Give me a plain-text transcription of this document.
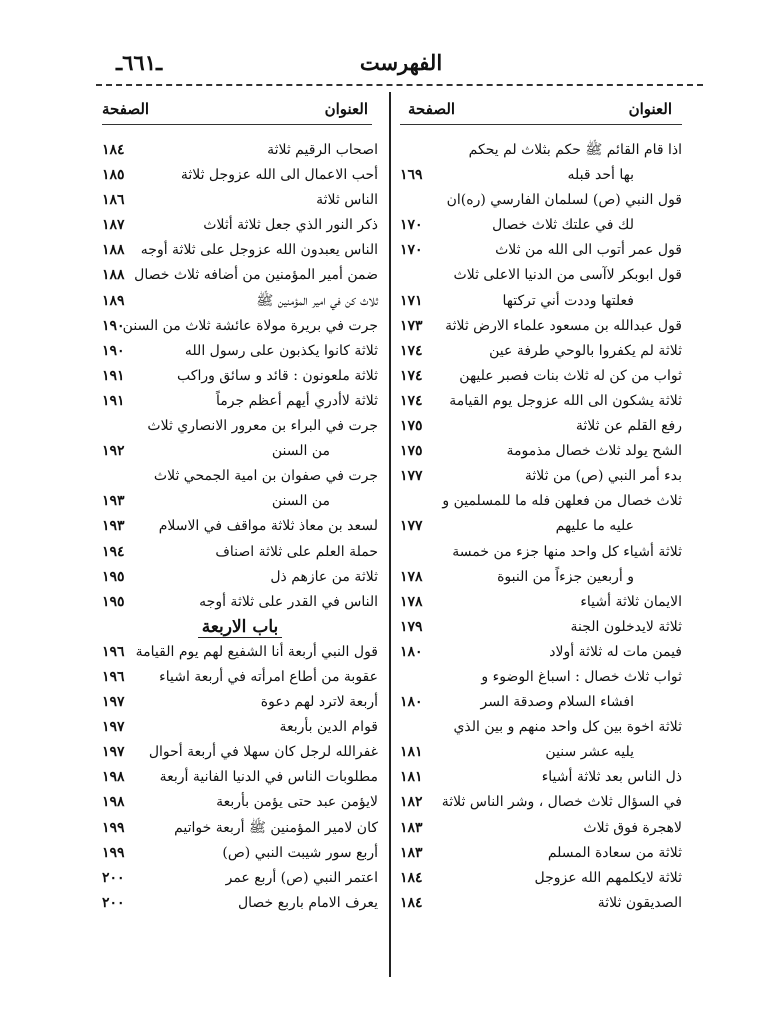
ـ٦٦١ـ	الفهرست
العنوان
الصفحة
العنوان
الصفحة
اذا قام القائم ﷺ حكم بثلاث لم يحكم
بها أحد قبله
١٦٩
قول النبي (ص) لسلمان الفارسي (ره)ان
لك في علتك ثلاث خصال
١٧٠
قول عمر أتوب الى الله من ثلاث
١٧٠
قول ابوبكر لاآسى من الدنيا الاعلى ثلاث
فعلتها وددت أني تركتها
١٧١
قول عبدالله بن مسعود علماء الارض ثلاثة
١٧٣
ثلاثة لم يكفروا بالوحي طرفة عين
١٧٤
ثواب من كن له ثلاث بنات فصبر عليهن
١٧٤
ثلاثة يشكون الى الله عزوجل يوم القيامة
١٧٤
رفع القلم عن ثلاثة
١٧٥
الشح يولد ثلاث خصال مذمومة
١٧٥
بدء أمر النبي (ص) من ثلاثة
١٧٧
ثلاث خصال من فعلهن فله ما للمسلمين و
عليه ما عليهم
١٧٧
ثلاثة أشياء كل واحد منها جزء من خمسة
و أربعين جزءاً من النبوة
١٧٨
الايمان ثلاثة أشياء
١٧٨
ثلاثة لايدخلون الجنة
١٧٩
فيمن مات له ثلاثة أولاد
١٨٠
ثواب ثلاث خصال : اسباغ الوضوء و
افشاء السلام وصدقة السر
١٨٠
ثلاثة اخوة بين كل واحد منهم و بين الذي
يليه عشر سنين
١٨١
ذل الناس بعد ثلاثة أشياء
١٨١
في السؤال ثلاث خصال ، وشر الناس ثلاثة
١٨٢
لاهجرة فوق ثلاث
١٨٣
ثلاثة من سعادة المسلم
١٨٣
ثلاثة لايكلمهم الله عزوجل
١٨٤
الصديقون ثلاثة
١٨٤
اصحاب الرقيم ثلاثة
١٨٤
أحب الاعمال الى الله عزوجل ثلاثة
١٨٥
الناس ثلاثة
١٨٦
ذكر النور الذي جعل ثلاثة أثلاث
١٨٧
الناس يعبدون الله عزوجل على ثلاثة أوجه
١٨٨
ضمن أمير المؤمنين من أضافه ثلاث خصال
١٨٨
ثلاث كن في امير المؤمنين ﷺ
١٨٩
جرت في بريرة مولاة عائشة ثلاث من السنن
١٩٠
ثلاثة كانوا يكذبون على رسول الله
١٩٠
ثلاثة ملعونون : قائد و سائق وراكب
١٩١
ثلاثة لاأدري أيهم أعظم جرماً
١٩١
جرت في البراء بن معرور الانصاري ثلاث
من السنن
١٩٢
جرت في صفوان بن امية الجمحي ثلاث
من السنن
١٩٣
لسعد بن معاذ ثلاثة مواقف في الاسلام
١٩٣
حملة العلم على ثلاثة اصناف
١٩٤
ثلاثة من عازهم ذل
١٩٥
الناس في القدر على ثلاثة أوجه
١٩٥
باب الاربعة
قول النبي أربعة أنا الشفيع لهم يوم القيامة
١٩٦
عقوبة من أطاع امرأته في أربعة اشياء
١٩٦
أربعة لاترد لهم دعوة
١٩٧
قوام الدين بأربعة
١٩٧
غفرالله لرجل كان سهلا في أربعة أحوال
١٩٧
مطلوبات الناس في الدنيا الفانية أربعة
١٩٨
لايؤمن عبد حتى يؤمن بأربعة
١٩٨
كان لامير المؤمنين ﷺ أربعة خواتيم
١٩٩
أربع سور شيبت النبي (ص)
١٩٩
اعتمر النبي (ص) أربع عمر
٢٠٠
يعرف الامام باربع خصال
٢٠٠
